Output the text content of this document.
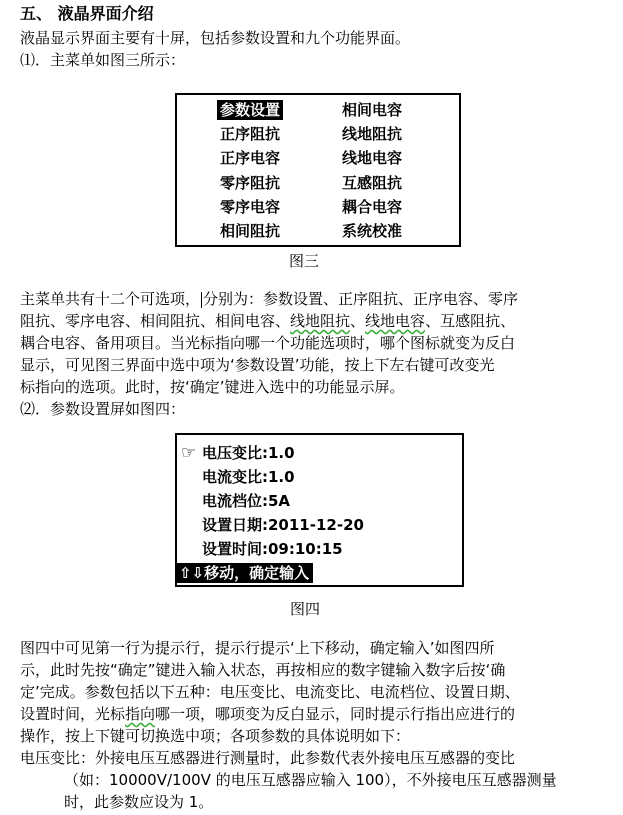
五、 液晶界面介绍
液晶显示界面主要有十屏，包括参数设置和九个功能界面。
⑴．主菜单如图三所示：
参数设置
正序阻抗
正序电容
零序阻抗
零序电容
相间阻抗
相间电容
线地阻抗
线地电容
互感阻抗
耦合电容
系统校准
图三
主菜单共有十二个可选项， 分别为：参数设置、正序阻抗、正序电容、零序
阻抗、零序电容、相间阻抗、相间电容、线地阻抗、线地电容、互感阻抗、
耦合电容、备用项目。当光标指向哪一个功能选项时，哪个图标就变为反白
显示，可见图三界面中选中项为‘参数设置’功能，按上下左右键可改变光
标指向的选项。此时，按‘确定’键进入选中的功能显示屏。
⑵．参数设置屏如图四：
☞ 电压变比:1.0
电流变比:1.0
电流档位:5A
设置日期:2011-12-20
设置时间:09:10:15
⇧⇩移动，确定输入
图四
图四中可见第一行为提示行，提示行提示‘上下移动，确定输入’如图四所
示，此时先按“确定”键进入输入状态，再按相应的数字键输入数字后按‘确
定’完成。参数包括以下五种：电压变比、电流变比、电流档位、设置日期、
设置时间，光标指向哪一项，哪项变为反白显示，同时提示行指出应进行的
操作，按上下键可切换选中项；各项参数的具体说明如下：
电压变比：外接电压互感器进行测量时，此参数代表外接电压互感器的变比
（如：10000V/100V 的电压互感器应输入 100），不外接电压互感器测量
时，此参数应设为 1。
